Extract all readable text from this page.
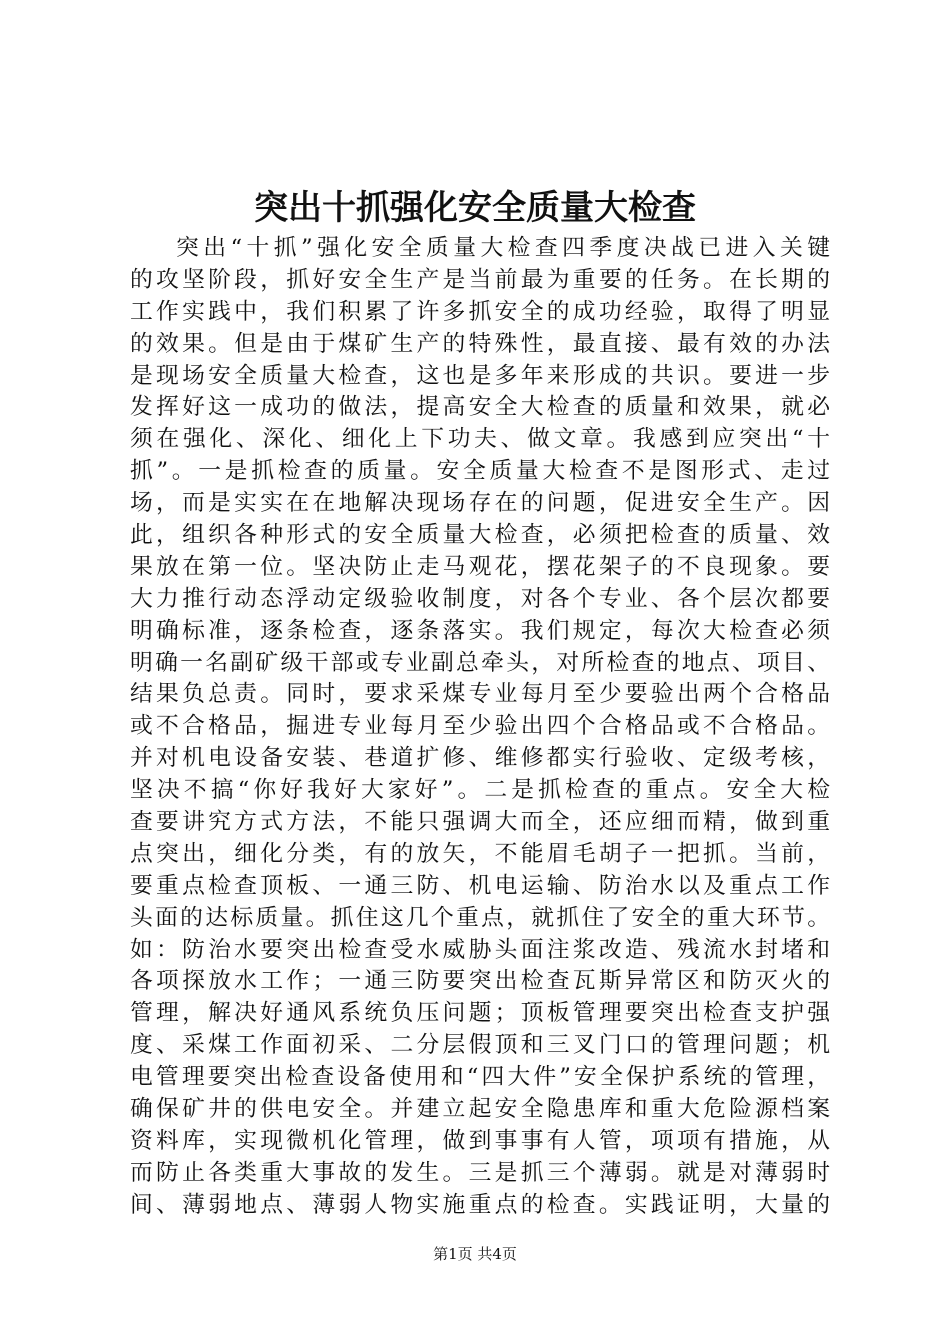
突出十抓强化安全质量大检查
突出“十抓”强化安全质量大检查四季度决战已进入关键
的攻坚阶段，抓好安全生产是当前最为重要的任务。在长期的
工作实践中，我们积累了许多抓安全的成功经验，取得了明显
的效果。但是由于煤矿生产的特殊性，最直接、最有效的办法
是现场安全质量大检查，这也是多年来形成的共识。要进一步
发挥好这一成功的做法，提高安全大检查的质量和效果，就必
须在强化、深化、细化上下功夫、做文章。我感到应突出“十
抓”。一是抓检查的质量。安全质量大检查不是图形式、走过
场，而是实实在在地解决现场存在的问题，促进安全生产。因
此，组织各种形式的安全质量大检查，必须把检查的质量、效
果放在第一位。坚决防止走马观花，摆花架子的不良现象。要
大力推行动态浮动定级验收制度，对各个专业、各个层次都要
明确标准，逐条检查，逐条落实。我们规定，每次大检查必须
明确一名副矿级干部或专业副总牵头，对所检查的地点、项目、
结果负总责。同时，要求采煤专业每月至少要验出两个合格品
或不合格品，掘进专业每月至少验出四个合格品或不合格品。
并对机电设备安装、巷道扩修、维修都实行验收、定级考核，
坚决不搞“你好我好大家好”。二是抓检查的重点。安全大检
查要讲究方式方法，不能只强调大而全，还应细而精，做到重
点突出，细化分类，有的放矢，不能眉毛胡子一把抓。当前，
要重点检查顶板、一通三防、机电运输、防治水以及重点工作
头面的达标质量。抓住这几个重点，就抓住了安全的重大环节。
如：防治水要突出检查受水威胁头面注浆改造、残流水封堵和
各项探放水工作；一通三防要突出检查瓦斯异常区和防灭火的
管理，解决好通风系统负压问题；顶板管理要突出检查支护强
度、采煤工作面初采、二分层假顶和三叉门口的管理问题；机
电管理要突出检查设备使用和“四大件”安全保护系统的管理，
确保矿井的供电安全。并建立起安全隐患库和重大危险源档案
资料库，实现微机化管理，做到事事有人管，项项有措施，从
而防止各类重大事故的发生。三是抓三个薄弱。就是对薄弱时
间、薄弱地点、薄弱人物实施重点的检查。实践证明，大量的
第1页 共4页
